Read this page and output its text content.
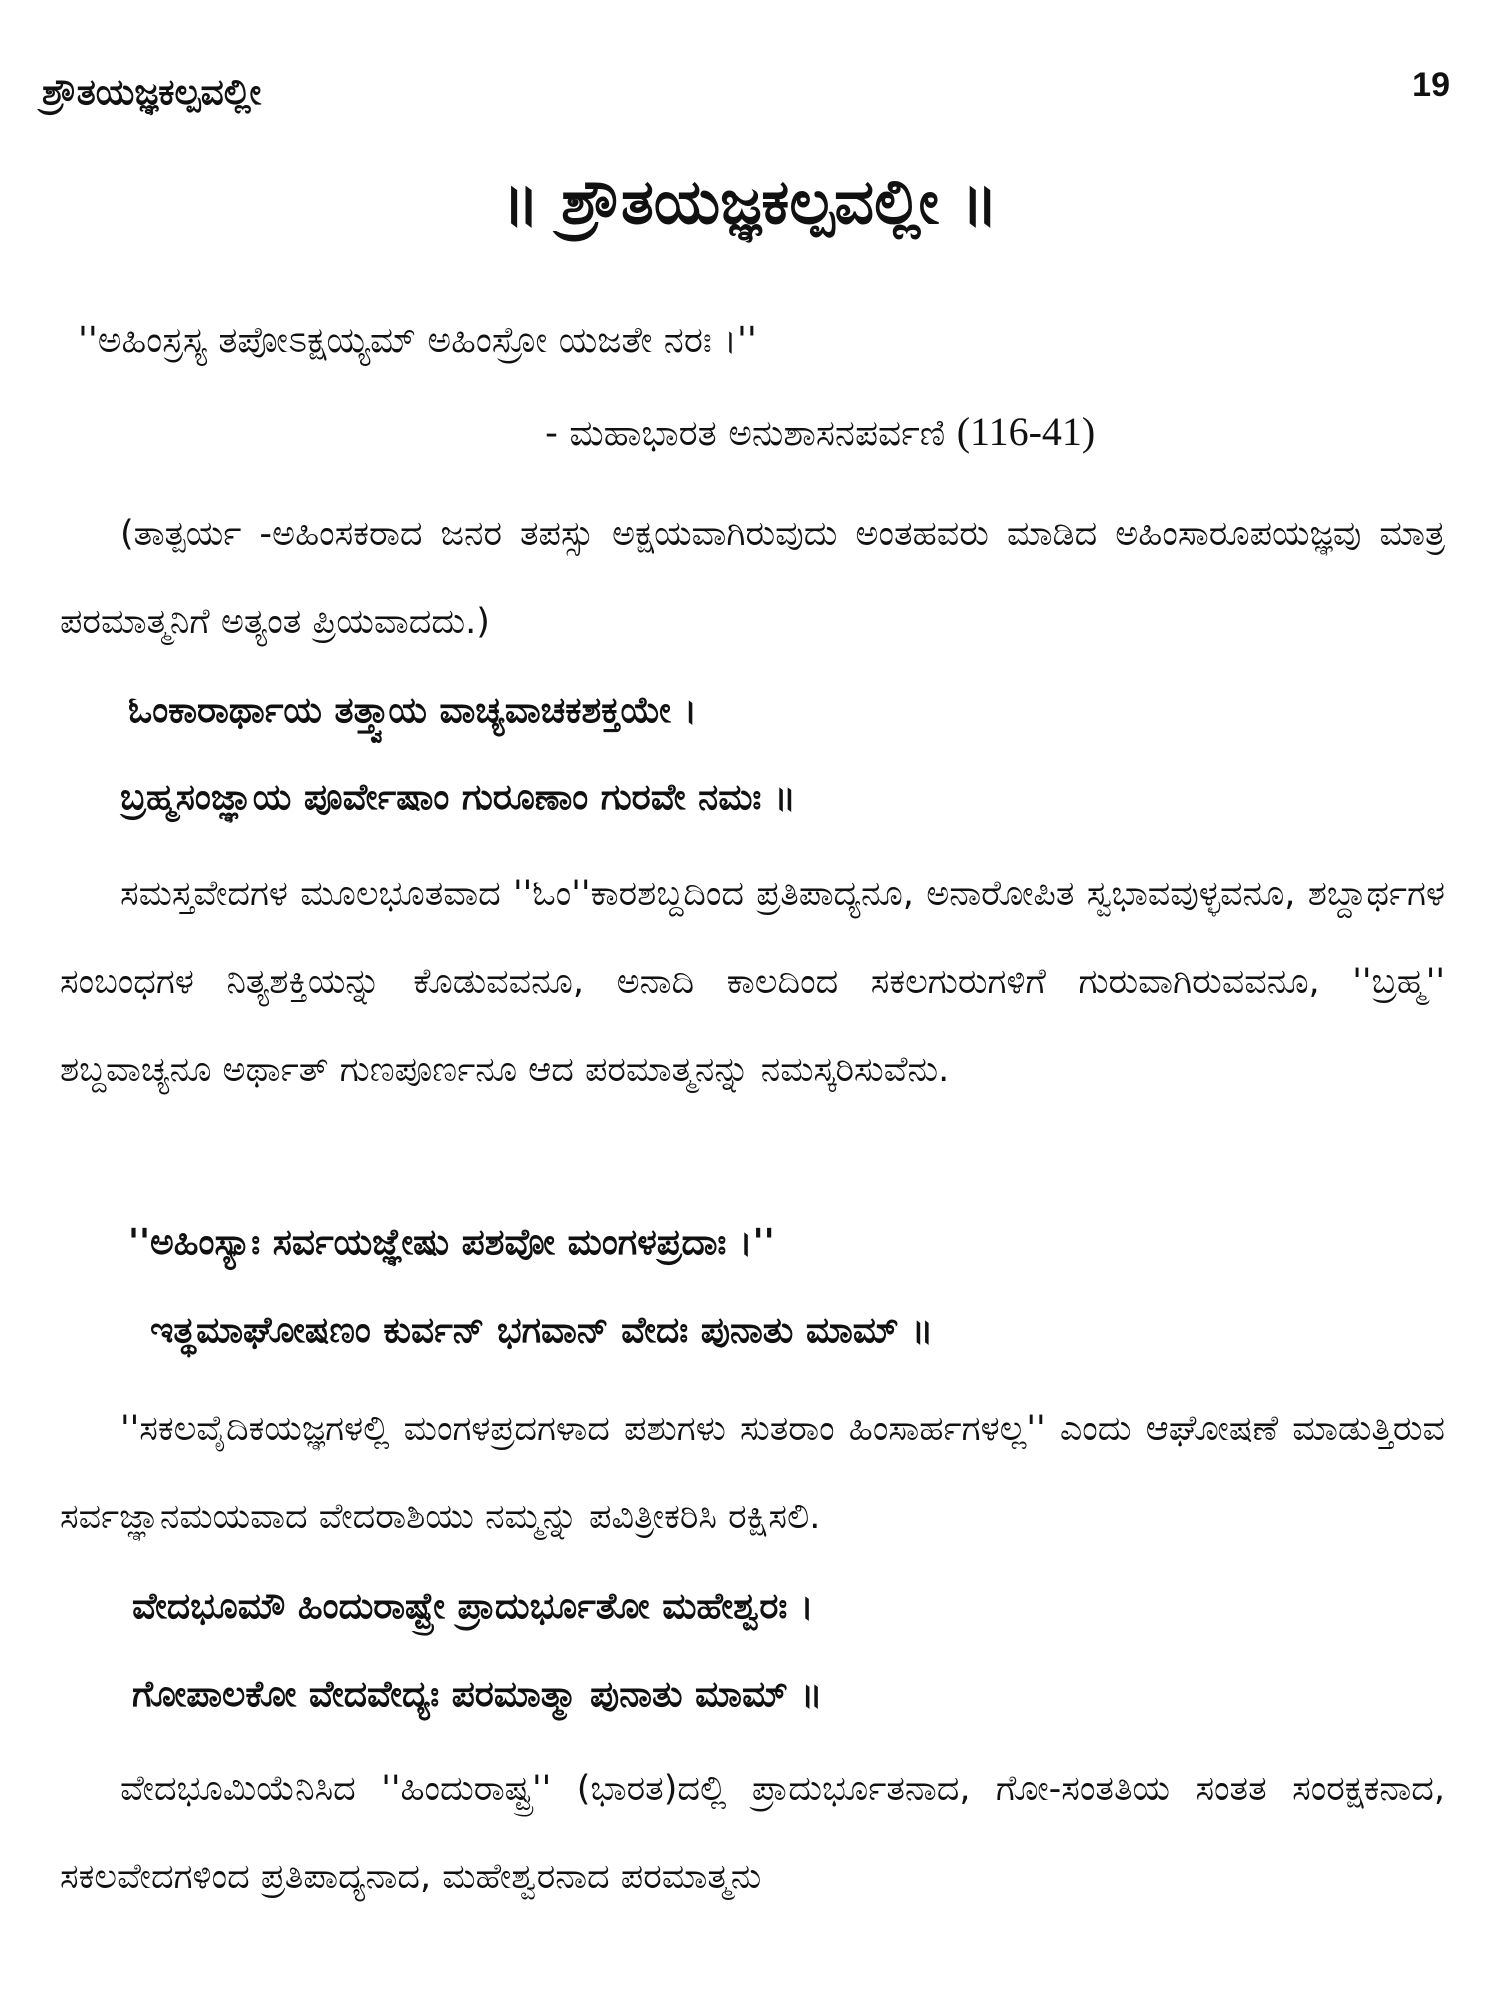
ಶ್ರೌತಯಜ್ಞಕಲ್ಪವಲ್ಲೀ	19
॥ ಶ್ರೌತಯಜ್ಞಕಲ್ಪವಲ್ಲೀ ॥
''ಅಹಿಂಸ್ರಸ್ಯ ತಪೋಽಕ್ಷಯ್ಯಮ್ ಅಹಿಂಸ್ರೋ ಯಜತೇ ನರಃ ।''
- ಮಹಾಭಾರತ ಅನುಶಾಸನಪರ್ವಣಿ (116-41)
(ತಾತ್ಪರ್ಯ -ಅಹಿಂಸಕರಾದ ಜನರ ತಪಸ್ಸು ಅಕ್ಷಯವಾಗಿರುವುದು ಅಂತಹವರು ಮಾಡಿದ ಅಹಿಂಸಾರೂಪಯಜ್ಞವು ಮಾತ್ರ ಪರಮಾತ್ಮನಿಗೆ ಅತ್ಯಂತ ಪ್ರಿಯವಾದದು.)
ಓಂಕಾರಾರ್ಥಾಯ ತತ್ತ್ವಾಯ ವಾಚ್ಯವಾಚಕಶಕ್ತಯೇ ।
ಬ್ರಹ್ಮಸಂಜ್ಞಾಯ ಪೂರ್ವೇಷಾಂ ಗುರೂಣಾಂ ಗುರವೇ ನಮಃ ॥
ಸಮಸ್ತವೇದಗಳ ಮೂಲಭೂತವಾದ ''ಓಂ''ಕಾರಶಬ್ದದಿಂದ ಪ್ರತಿಪಾದ್ಯನೂ, ಅನಾರೋಪಿತ ಸ್ವಭಾವವುಳ್ಳವನೂ, ಶಬ್ದಾರ್ಥಗಳ ಸಂಬಂಧಗಳ ನಿತ್ಯಶಕ್ತಿಯನ್ನು ಕೊಡುವವನೂ, ಅನಾದಿ ಕಾಲದಿಂದ ಸಕಲಗುರುಗಳಿಗೆ ಗುರುವಾಗಿರುವವನೂ, ''ಬ್ರಹ್ಮ'' ಶಬ್ದವಾಚ್ಯನೂ ಅರ್ಥಾತ್ ಗುಣಪೂರ್ಣನೂ ಆದ ಪರಮಾತ್ಮನನ್ನು ನಮಸ್ಕರಿಸುವೆನು.
''ಅಹಿಂಸ್ಯಾಃ ಸರ್ವಯಜ್ಞೇಷು ಪಶವೋ ಮಂಗಳಪ್ರದಾಃ ।''
ಇತ್ಥಮಾಘೋಷಣಂ ಕುರ್ವನ್ ಭಗವಾನ್ ವೇದಃ ಪುನಾತು ಮಾಮ್ ॥
''ಸಕಲವೈದಿಕಯಜ್ಞಗಳಲ್ಲಿ ಮಂಗಳಪ್ರದಗಳಾದ ಪಶುಗಳು ಸುತರಾಂ ಹಿಂಸಾರ್ಹಗಳಲ್ಲ'' ಎಂದು ಆಘೋಷಣೆ ಮಾಡುತ್ತಿರುವ ಸರ್ವಜ್ಞಾನಮಯವಾದ ವೇದರಾಶಿಯು ನಮ್ಮನ್ನು ಪವಿತ್ರೀಕರಿಸಿ ರಕ್ಷಿಸಲಿ.
ವೇದಭೂಮೌ ಹಿಂದುರಾಷ್ಟ್ರೇ ಪ್ರಾದುರ್ಭೂತೋ ಮಹೇಶ್ವರಃ ।
ಗೋಪಾಲಕೋ ವೇದವೇದ್ಯಃ ಪರಮಾತ್ಮಾ ಪುನಾತು ಮಾಮ್ ॥
ವೇದಭೂಮಿಯೆನಿಸಿದ ''ಹಿಂದುರಾಷ್ಟ್ರ'' (ಭಾರತ)ದಲ್ಲಿ ಪ್ರಾದುರ್ಭೂತನಾದ, ಗೋ-ಸಂತತಿಯ ಸಂತತ ಸಂರಕ್ಷಕನಾದ, ಸಕಲವೇದಗಳಿಂದ ಪ್ರತಿಪಾದ್ಯನಾದ, ಮಹೇಶ್ವರನಾದ ಪರಮಾತ್ಮನು
